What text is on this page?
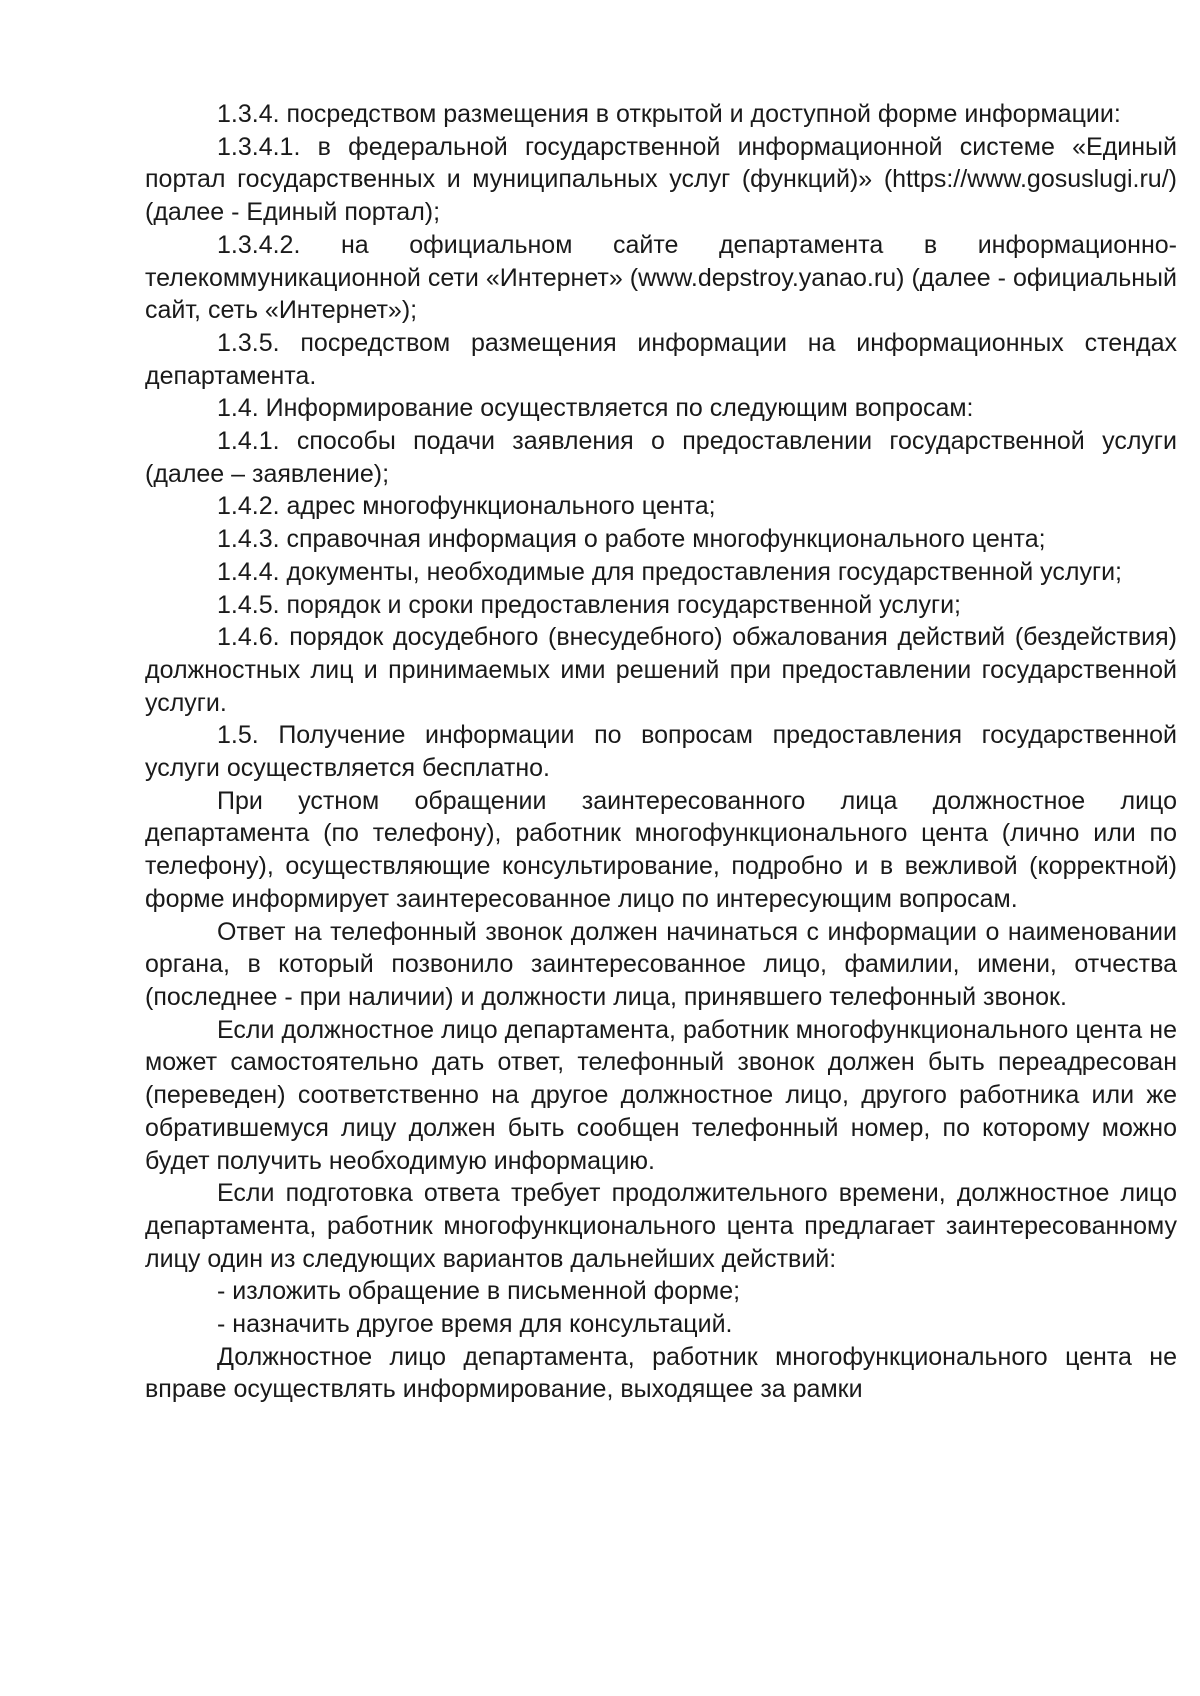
1.3.4. посредством размещения в открытой и доступной форме информации:

1.3.4.1. в федеральной государственной информационной системе «Единый портал государственных и муниципальных услуг (функций)» (https://www.gosuslugi.ru/) (далее - Единый портал);

1.3.4.2. на официальном сайте департамента в информационно-телекоммуникационной сети «Интернет» (www.depstroy.yanao.ru) (далее - официальный сайт, сеть «Интернет»);

1.3.5. посредством размещения информации на информационных стендах департамента.

1.4. Информирование осуществляется по следующим вопросам:

1.4.1. способы подачи заявления о предоставлении государственной услуги (далее – заявление);

1.4.2. адрес многофункционального цента;

1.4.3. справочная информация о работе многофункционального цента;

1.4.4. документы, необходимые для предоставления государственной услуги;

1.4.5. порядок и сроки предоставления государственной услуги;

1.4.6. порядок досудебного (внесудебного) обжалования действий (бездействия) должностных лиц и принимаемых ими решений при предоставлении государственной услуги.

1.5. Получение информации по вопросам предоставления государственной услуги осуществляется бесплатно.

При устном обращении заинтересованного лица должностное лицо департамента (по телефону), работник многофункционального цента (лично или по телефону), осуществляющие консультирование, подробно и в вежливой (корректной) форме информирует заинтересованное лицо по интересующим вопросам.

Ответ на телефонный звонок должен начинаться с информации о наименовании органа, в который позвонило заинтересованное лицо, фамилии, имени, отчества (последнее - при наличии) и должности лица, принявшего телефонный звонок.

Если должностное лицо департамента, работник многофункционального цента не может самостоятельно дать ответ, телефонный звонок должен быть переадресован (переведен) соответственно на другое должностное лицо, другого работника или же обратившемуся лицу должен быть сообщен телефонный номер, по которому можно будет получить необходимую информацию.

Если подготовка ответа требует продолжительного времени, должностное лицо департамента, работник многофункционального цента предлагает заинтересованному лицу один из следующих вариантов дальнейших действий:

- изложить обращение в письменной форме;

- назначить другое время для консультаций.

Должностное лицо департамента, работник многофункционального цента не вправе осуществлять информирование, выходящее за рамки
